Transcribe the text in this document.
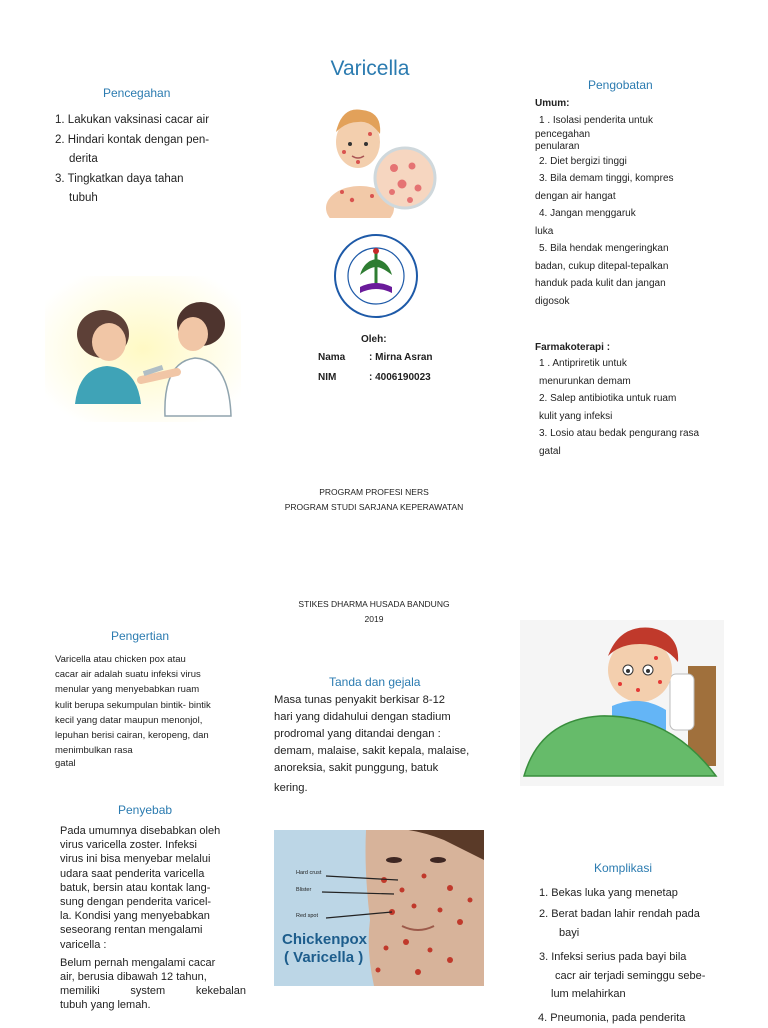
Varicella
Pencegahan
1. Lakukan vaksinasi cacar air
2. Hindari kontak dengan pen-
derita
3. Tingkatkan daya tahan
tubuh
Oleh:
Nama : Mirna Asran
NIM	: 4006190023
Pengobatan
Umum:
1 . Isolasi penderita untuk
pencegahan
penularan
2. Diet bergizi tinggi
3. Bila demam tinggi, kompres
dengan air hangat
4. Jangan menggaruk
luka
5. Bila hendak mengeringkan
badan, cukup ditepal-tepalkan
handuk pada kulit dan jangan
digosok
Farmakoterapi :
1 . Antipriretik untuk
menurunkan demam
2. Salep antibiotika untuk ruam
kulit yang infeksi
3. Losio atau bedak pengurang rasa
gatal
PROGRAM PROFESI NERS
PROGRAM STUDI SARJANA KEPERAWATAN
STIKES DHARMA HUSADA BANDUNG
2019
Pengertian
Varicella atau chicken pox atau
cacar air adalah suatu infeksi virus
menular yang menyebabkan ruam
kulit berupa sekumpulan bintik- bintik
kecil yang datar maupun menonjol,
lepuhan berisi cairan, keropeng, dan
menimbulkan rasa
gatal
Tanda dan gejala
Masa tunas penyakit berkisar 8-12
hari yang didahului dengan stadium
prodromal yang ditandai dengan :
demam, malaise, sakit kepala, malaise,
anoreksia, sakit punggung, batuk
kering.
Penyebab
Pada umumnya disebabkan oleh
virus varicella zoster. Infeksi
virus ini bisa menyebar melalui
udara saat penderita varicella
batuk, bersin atau kontak lang-
sung dengan penderita varicel-
la. Kondisi yang menyebabkan
seseorang rentan mengalami
varicella :
Belum pernah mengalami cacar
air, berusia dibawah 12 tahun,
memiliki system kekebalan
tubuh yang lemah.
Hard crust
Blister
Red spot
Chickenpox
( Varicella )
Komplikasi
1. Bekas luka yang menetap
2. Berat badan lahir rendah pada
bayi
3. Infeksi serius pada bayi bila
cacr air terjadi seminggu sebe-
lum melahirkan
4. Pneumonia, pada penderita
